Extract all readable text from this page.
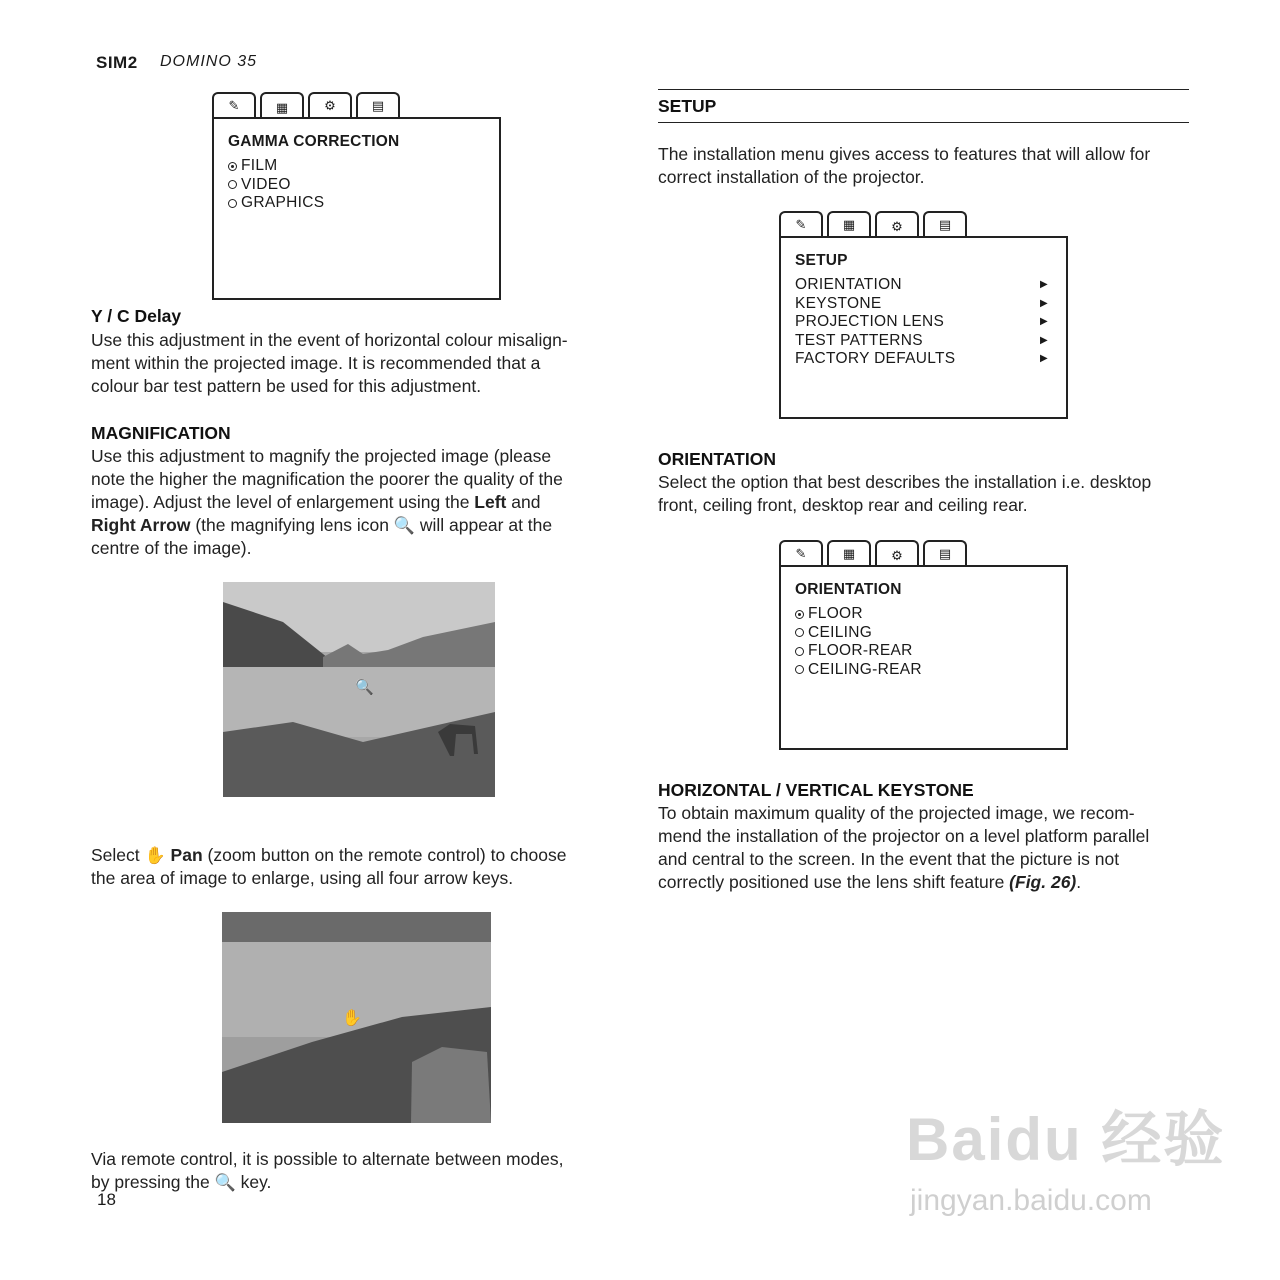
SIM2 DOMINO 35
✎	▦	⚙	▤
GAMMA CORRECTION
FILM
VIDEO
GRAPHICS
Y / C Delay
Use this adjustment in the event of horizontal colour misalign-
ment within the projected image. It is recommended that a
colour bar test pattern be used for this adjustment.
MAGNIFICATION
Use this adjustment to magnify the projected image (please
note the higher the magnification the poorer the quality of the
image). Adjust the level of enlargement using the Left and
Right Arrow (the magnifying lens icon 🔍 will appear at the
centre of the image).
🔍
Select ✋ Pan (zoom button on the remote control) to choose
the area of image to enlarge, using all four arrow keys.
✋
Via remote control, it is possible to alternate between modes,
by pressing the 🔍 key.
18
SETUP
The installation menu gives access to features that will allow for
correct installation of the projector.
✎	▦	⚙	▤
SETUP
ORIENTATION	▶
KEYSTONE	▶
PROJECTION LENS	▶
TEST PATTERNS	▶
FACTORY DEFAULTS	▶
ORIENTATION
Select the option that best describes the installation i.e. desktop
front, ceiling front, desktop rear and ceiling rear.
✎	▦	⚙	▤
ORIENTATION
FLOOR
CEILING
FLOOR-REAR
CEILING-REAR
HORIZONTAL / VERTICAL KEYSTONE
To obtain maximum quality of the projected image, we recom-
mend the installation of the projector on a level platform parallel
and central to the screen. In the event that the picture is not
correctly positioned use the lens shift feature (Fig. 26).
Baidu 经验
jingyan.baidu.com
